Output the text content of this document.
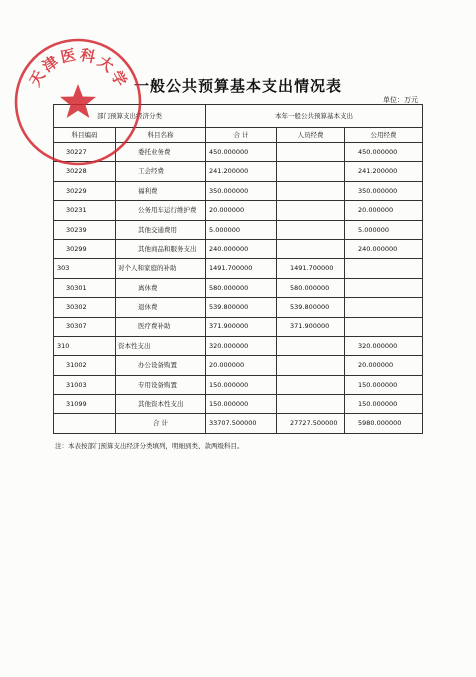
一般公共预算基本支出情况表
单位：万元
部门预算支出经济分类		本年一般公共预算基本支出		
科目编码	科目名称	合 计	人员经费	公用经费
30227	委托业务费	450.000000		450.000000
30228	工会经费	241.200000		241.200000
30229	福利费	350.000000		350.000000
30231	公务用车运行维护费	20.000000		20.000000
30239	其他交通费用	5.000000		5.000000
30299	其他商品和服务支出	240.000000		240.000000
303	对个人和家庭的补助	1491.700000	1491.700000	
30301	离休费	580.000000	580.000000	
30302	退休费	539.800000	539.800000	
30307	医疗费补助	371.900000	371.900000	
310	资本性支出	320.000000		320.000000
31002	办公设备购置	20.000000		20.000000
31003	专用设备购置	150.000000		150.000000
31099	其他资本性支出	150.000000		150.000000
	合 计	33707.500000	27727.500000	5980.000000
注：本表按部门预算支出经济分类填列，明细到类、款两级科目。
天
津
医 科
大
学
